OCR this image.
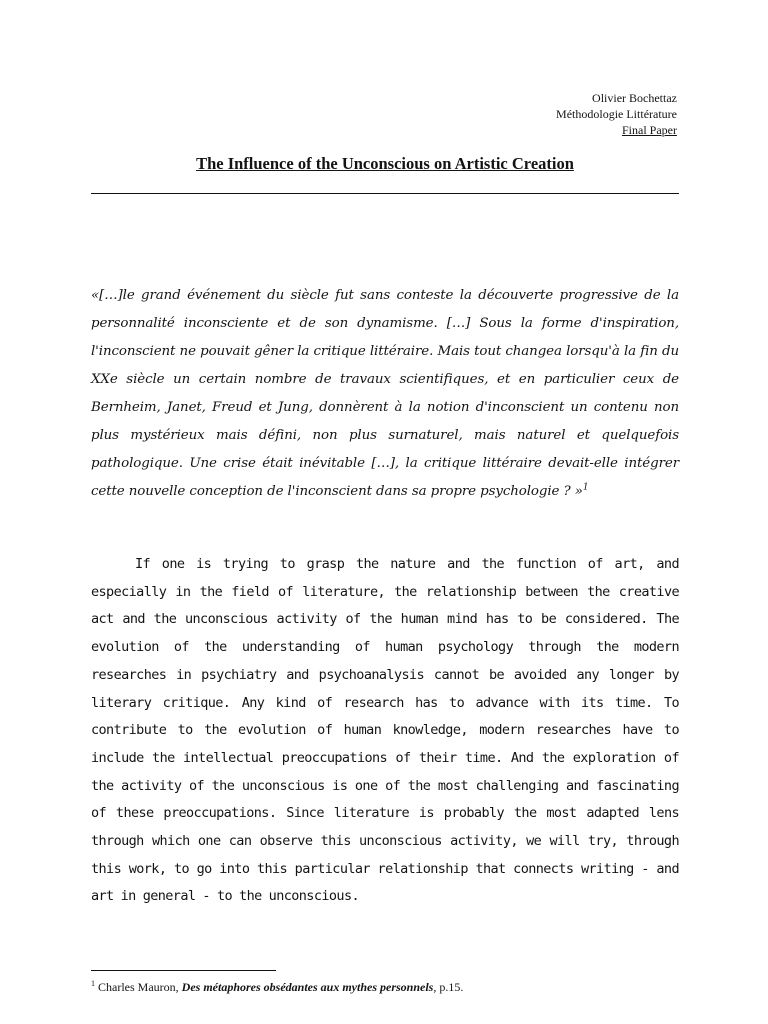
Olivier Bochettaz
Méthodologie Littérature
Final Paper
The Influence of the Unconscious on Artistic Creation

«[…]le grand événement du siècle fut sans conteste la découverte progressive de la personnalité inconsciente et de son dynamisme. […] Sous la forme d'inspiration, l'inconscient ne pouvait gêner la critique littéraire. Mais tout changea lorsqu'à la fin du XXe siècle un certain nombre de travaux scientifiques, et en particulier ceux de Bernheim, Janet, Freud et Jung, donnèrent à la notion d'inconscient un contenu non plus mystérieux mais défini, non plus surnaturel, mais naturel et quelquefois pathologique. Une crise était inévitable […], la critique littéraire devait-elle intégrer cette nouvelle conception de l'inconscient dans sa propre psychologie ? »$^1$

If one is trying to grasp the nature and the function of art, and especially in the field of literature, the relationship between the creative act and the unconscious activity of the human mind has to be considered. The evolution of the understanding of human psychology through the modern researches in psychiatry and psychoanalysis cannot be avoided any longer by literary critique. Any kind of research has to advance with its time. To contribute to the evolution of human knowledge, modern researches have to include the intellectual preoccupations of their time. And the exploration of the activity of the unconscious is one of the most challenging and fascinating of these preoccupations. Since literature is probably the most adapted lens through which one can observe this unconscious activity, we will try, through this work, to go into this particular relationship that connects writing - and art in general - to the unconscious.

$^1$ Charles Mauron, Des métaphores obsédantes aux mythes personnels, p.15.
